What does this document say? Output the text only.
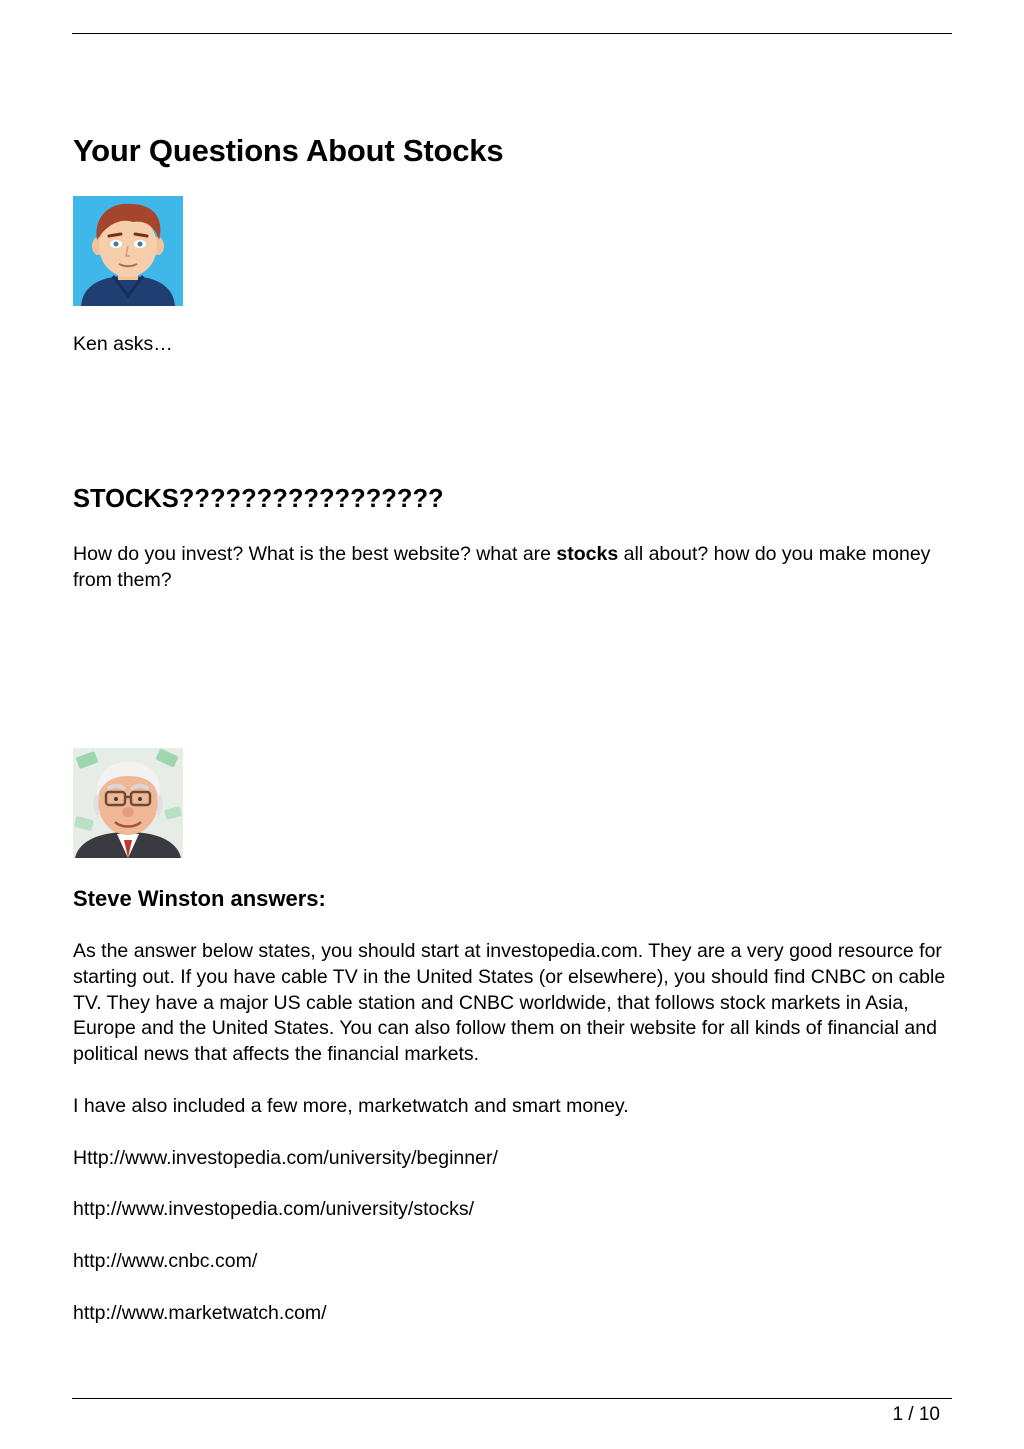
Your Questions About Stocks

Ken asks…

STOCKS?????????????????

How do you invest? What is the best website? what are stocks all about? how do you make money from them?

Steve Winston answers:

As the answer below states, you should start at investopedia.com. They are a very good resource for starting out. If you have cable TV in the United States (or elsewhere), you should find CNBC on cable TV. They have a major US cable station and CNBC worldwide, that follows stock markets in Asia, Europe and the United States. You can also follow them on their website for all kinds of financial and political news that affects the financial markets.

I have also included a few more, marketwatch and smart money.

Http://www.investopedia.com/university/beginner/

http://www.investopedia.com/university/stocks/

http://www.cnbc.com/

http://www.marketwatch.com/

1 / 10
